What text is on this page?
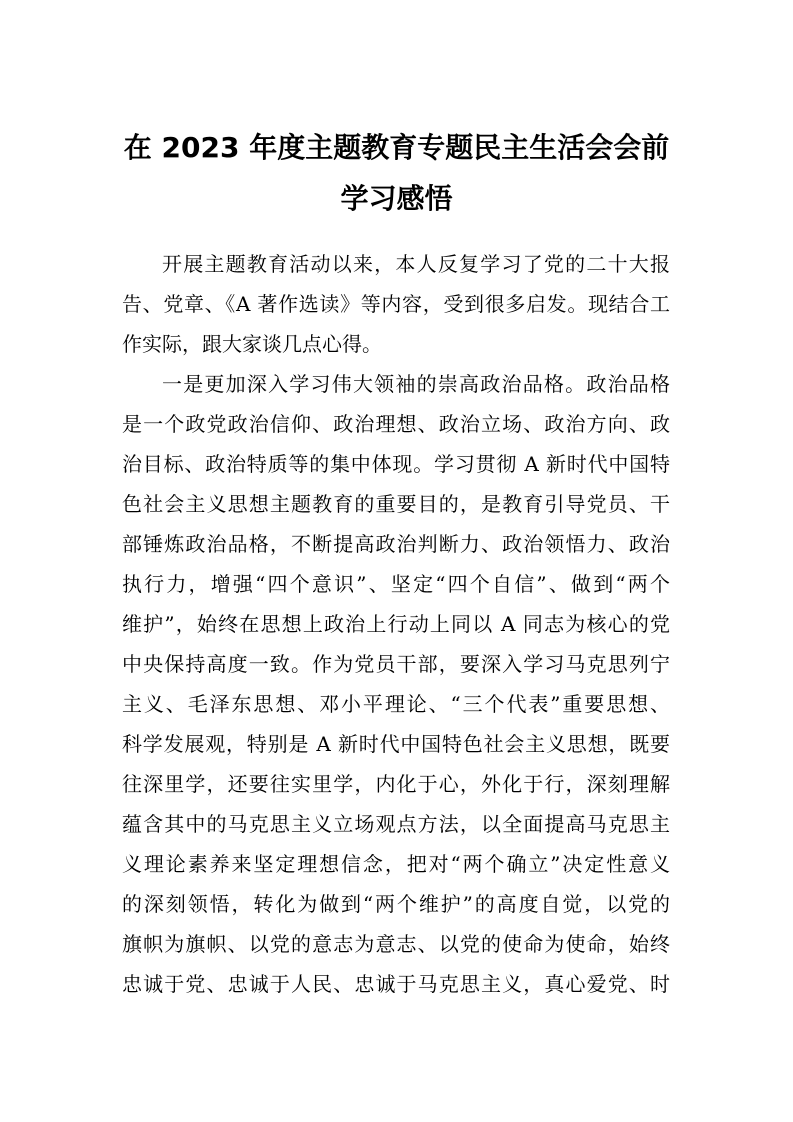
在 2023 年度主题教育专题民主生活会会前
学习感悟
开展主题教育活动以来，本人反复学习了党的二十大报
告、党章、《A 著作选读》等内容，受到很多启发。现结合工
作实际，跟大家谈几点心得。
一是更加深入学习伟大领袖的崇高政治品格。政治品格
是一个政党政治信仰、政治理想、政治立场、政治方向、政
治目标、政治特质等的集中体现。学习贯彻 A 新时代中国特
色社会主义思想主题教育的重要目的，是教育引导党员、干
部锤炼政治品格，不断提高政治判断力、政治领悟力、政治
执行力，增强“四个意识”、坚定“四个自信”、做到“两个
维护”，始终在思想上政治上行动上同以 A 同志为核心的党
中央保持高度一致。作为党员干部，要深入学习马克思列宁
主义、毛泽东思想、邓小平理论、“三个代表”重要思想、
科学发展观，特别是 A 新时代中国特色社会主义思想，既要
往深里学，还要往实里学，内化于心，外化于行，深刻理解
蕴含其中的马克思主义立场观点方法，以全面提高马克思主
义理论素养来坚定理想信念，把对“两个确立”决定性意义
的深刻领悟，转化为做到“两个维护”的高度自觉，以党的
旗帜为旗帜、以党的意志为意志、以党的使命为使命，始终
忠诚于党、忠诚于人民、忠诚于马克思主义，真心爱党、时
